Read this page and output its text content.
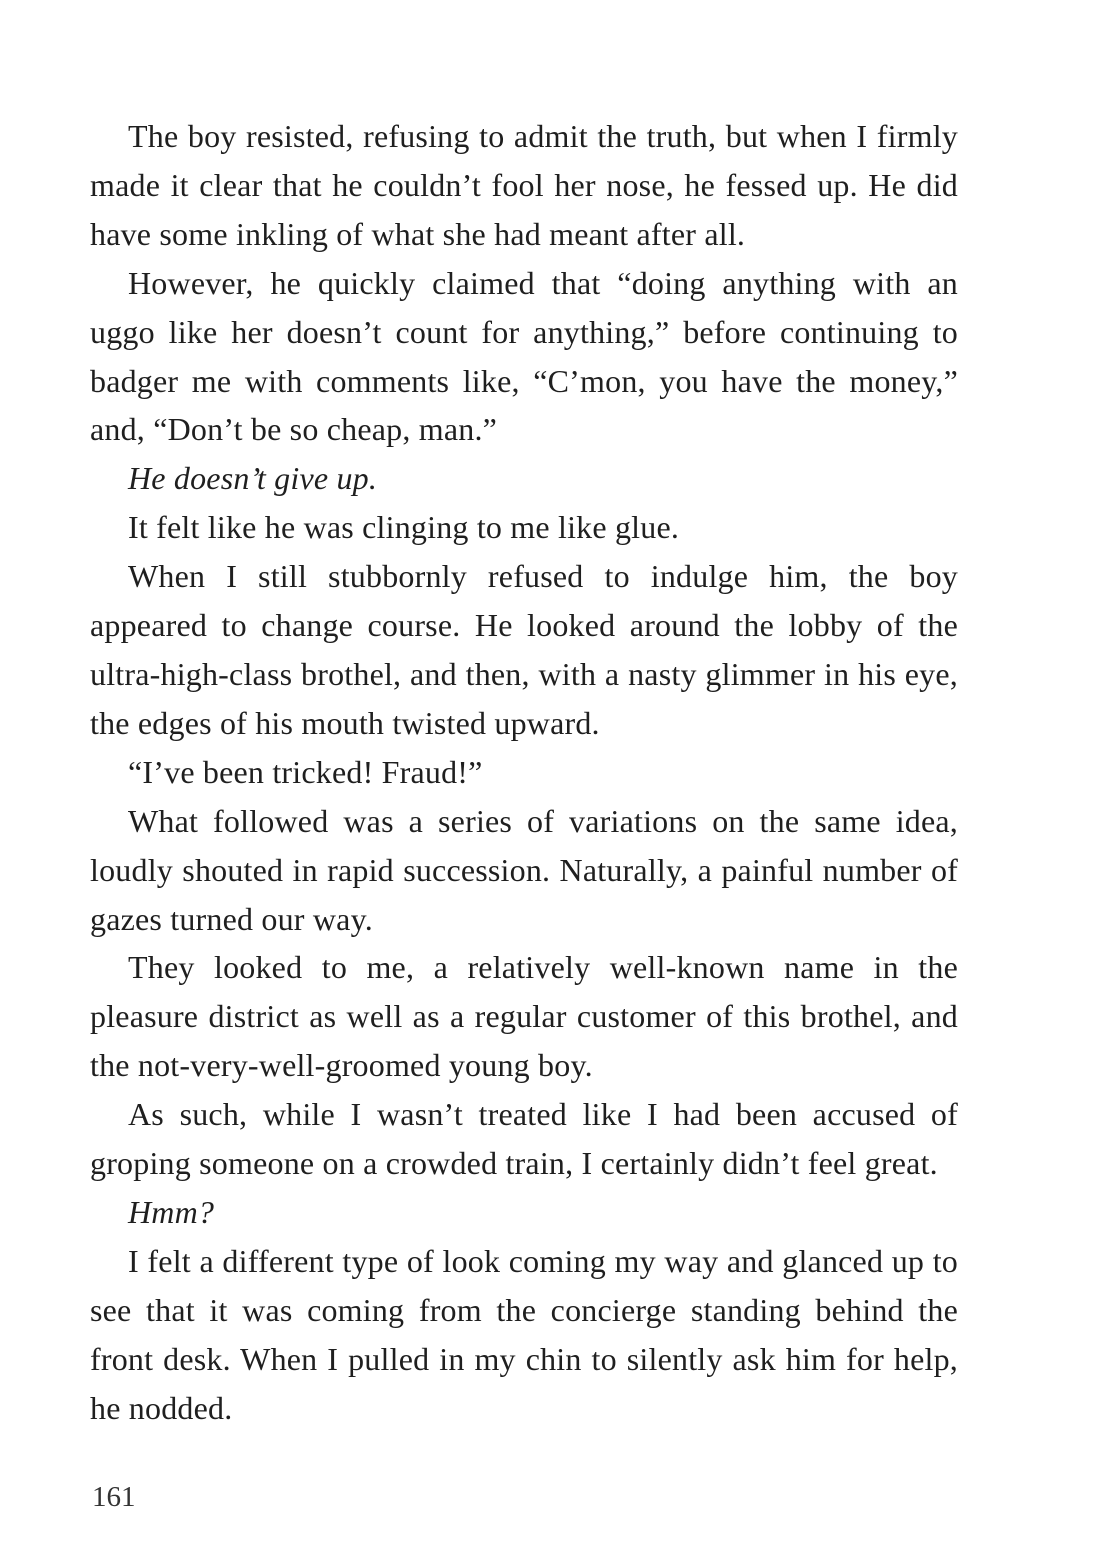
The boy resisted, refusing to admit the truth, but when I firmly made it clear that he couldn’t fool her nose, he fessed up. He did have some inkling of what she had meant after all.

However, he quickly claimed that “doing anything with an uggo like her doesn’t count for anything,” before continuing to badger me with comments like, “C’mon, you have the money,” and, “Don’t be so cheap, man.”

He doesn’t give up.

It felt like he was clinging to me like glue.

When I still stubbornly refused to indulge him, the boy appeared to change course. He looked around the lobby of the ultra-high-class brothel, and then, with a nasty glimmer in his eye, the edges of his mouth twisted upward.

“I’ve been tricked! Fraud!”

What followed was a series of variations on the same idea, loudly shouted in rapid succession. Naturally, a painful number of gazes turned our way.

They looked to me, a relatively well-known name in the pleasure district as well as a regular customer of this brothel, and the not-very-well-groomed young boy.

As such, while I wasn’t treated like I had been accused of groping someone on a crowded train, I certainly didn’t feel great.

Hmm?

I felt a different type of look coming my way and glanced up to see that it was coming from the concierge standing behind the front desk. When I pulled in my chin to silently ask him for help, he nodded.

161
